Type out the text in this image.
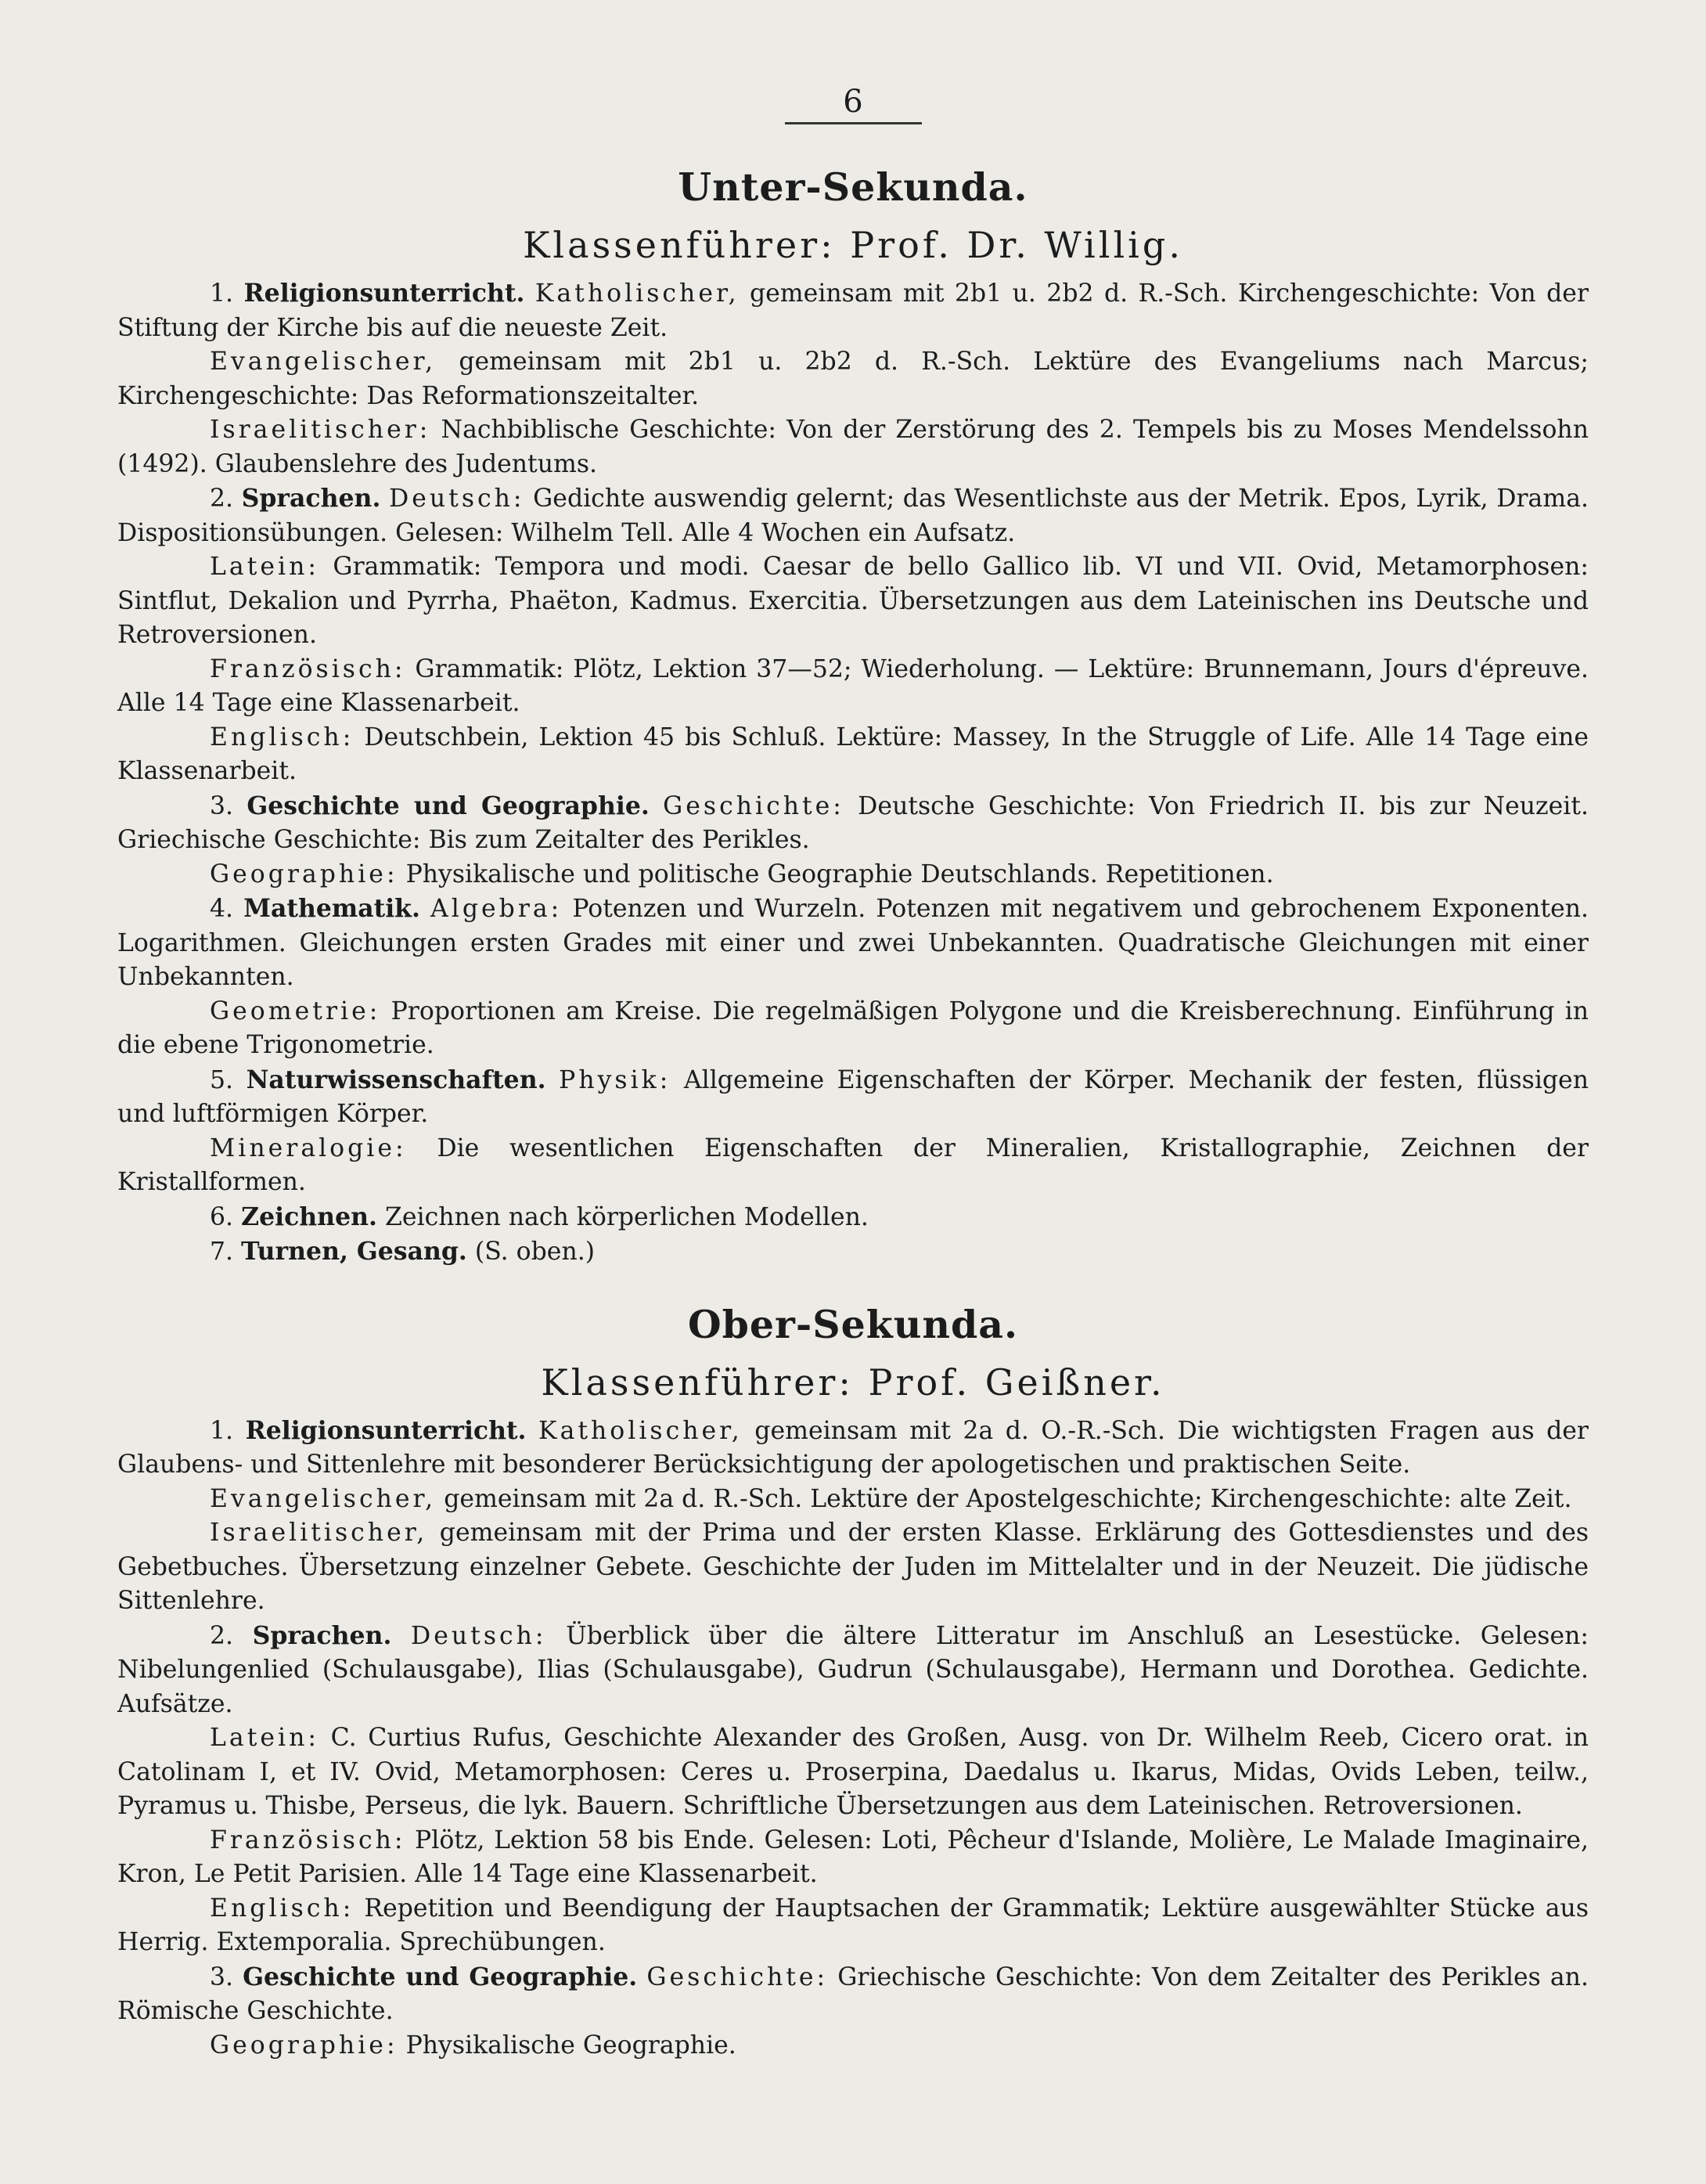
6
Unter-Sekunda.
Klassenführer: Prof. Dr. Willig.
1. Religionsunterricht. Katholischer, gemeinsam mit 2b1 u. 2b2 d. R.-Sch. Kirchengeschichte: Von der Stiftung der Kirche bis auf die neueste Zeit.
Evangelischer, gemeinsam mit 2b1 u. 2b2 d. R.-Sch. Lektüre des Evangeliums nach Marcus; Kirchengeschichte: Das Reformationszeitalter.
Israelitischer: Nachbiblische Geschichte: Von der Zerstörung des 2. Tempels bis zu Moses Mendelssohn (1492). Glaubenslehre des Judentums.
2. Sprachen. Deutsch: Gedichte auswendig gelernt; das Wesentlichste aus der Metrik. Epos, Lyrik, Drama. Dispositionsübungen. Gelesen: Wilhelm Tell. Alle 4 Wochen ein Aufsatz.
Latein: Grammatik: Tempora und modi. Caesar de bello Gallico lib. VI und VII. Ovid, Metamorphosen: Sintflut, Dekalion und Pyrrha, Phaëton, Kadmus. Exercitia. Übersetzungen aus dem Lateinischen ins Deutsche und Retroversionen.
Französisch: Grammatik: Plötz, Lektion 37—52; Wiederholung. — Lektüre: Brunnemann, Jours d'épreuve. Alle 14 Tage eine Klassenarbeit.
Englisch: Deutschbein, Lektion 45 bis Schluß. Lektüre: Massey, In the Struggle of Life. Alle 14 Tage eine Klassenarbeit.
3. Geschichte und Geographie. Geschichte: Deutsche Geschichte: Von Friedrich II. bis zur Neuzeit. Griechische Geschichte: Bis zum Zeitalter des Perikles.
Geographie: Physikalische und politische Geographie Deutschlands. Repetitionen.
4. Mathematik. Algebra: Potenzen und Wurzeln. Potenzen mit negativem und gebrochenem Exponenten. Logarithmen. Gleichungen ersten Grades mit einer und zwei Unbekannten. Quadratische Gleichungen mit einer Unbekannten.
Geometrie: Proportionen am Kreise. Die regelmäßigen Polygone und die Kreisberechnung. Einführung in die ebene Trigonometrie.
5. Naturwissenschaften. Physik: Allgemeine Eigenschaften der Körper. Mechanik der festen, flüssigen und luftförmigen Körper.
Mineralogie: Die wesentlichen Eigenschaften der Mineralien, Kristallographie, Zeichnen der Kristallformen.
6. Zeichnen. Zeichnen nach körperlichen Modellen.
7. Turnen, Gesang. (S. oben.)
Ober-Sekunda.
Klassenführer: Prof. Geißner.
1. Religionsunterricht. Katholischer, gemeinsam mit 2a d. O.-R.-Sch. Die wichtigsten Fragen aus der Glaubens- und Sittenlehre mit besonderer Berücksichtigung der apologetischen und praktischen Seite.
Evangelischer, gemeinsam mit 2a d. R.-Sch. Lektüre der Apostelgeschichte; Kirchengeschichte: alte Zeit.
Israelitischer, gemeinsam mit der Prima und der ersten Klasse. Erklärung des Gottesdienstes und des Gebetbuches. Übersetzung einzelner Gebete. Geschichte der Juden im Mittelalter und in der Neuzeit. Die jüdische Sittenlehre.
2. Sprachen. Deutsch: Überblick über die ältere Litteratur im Anschluß an Lesestücke. Gelesen: Nibelungenlied (Schulausgabe), Ilias (Schulausgabe), Gudrun (Schulausgabe), Hermann und Dorothea. Gedichte. Aufsätze.
Latein: C. Curtius Rufus, Geschichte Alexander des Großen, Ausg. von Dr. Wilhelm Reeb, Cicero orat. in Catolinam I, et IV. Ovid, Metamorphosen: Ceres u. Proserpina, Daedalus u. Ikarus, Midas, Ovids Leben, teilw., Pyramus u. Thisbe, Perseus, die lyk. Bauern. Schriftliche Übersetzungen aus dem Lateinischen. Retroversionen.
Französisch: Plötz, Lektion 58 bis Ende. Gelesen: Loti, Pêcheur d'Islande, Molière, Le Malade Imaginaire, Kron, Le Petit Parisien. Alle 14 Tage eine Klassenarbeit.
Englisch: Repetition und Beendigung der Hauptsachen der Grammatik; Lektüre ausgewählter Stücke aus Herrig. Extemporalia. Sprechübungen.
3. Geschichte und Geographie. Geschichte: Griechische Geschichte: Von dem Zeitalter des Perikles an. Römische Geschichte.
Geographie: Physikalische Geographie.
